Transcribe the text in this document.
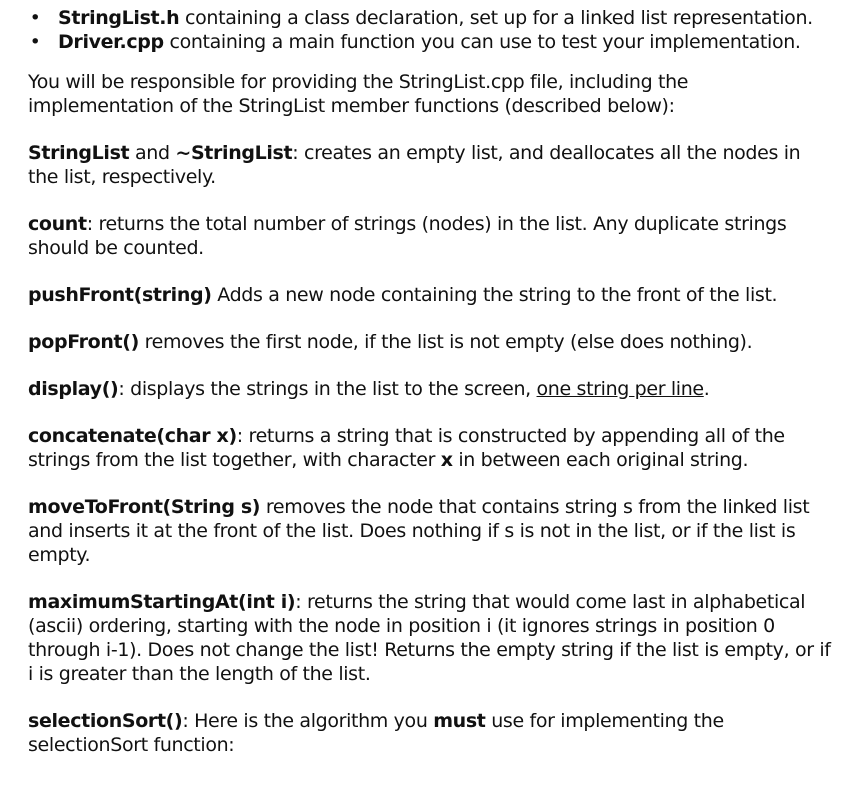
• StringList.h containing a class declaration, set up for a linked list representation.
• Driver.cpp containing a main function you can use to test your implementation.

You will be responsible for providing the StringList.cpp file, including the implementation of the StringList member functions (described below):

StringList and ~StringList: creates an empty list, and deallocates all the nodes in the list, respectively.

count: returns the total number of strings (nodes) in the list. Any duplicate strings should be counted.

pushFront(string) Adds a new node containing the string to the front of the list.

popFront() removes the first node, if the list is not empty (else does nothing).

display(): displays the strings in the list to the screen, one string per line.

concatenate(char x): returns a string that is constructed by appending all of the strings from the list together, with character x in between each original string.

moveToFront(String s) removes the node that contains string s from the linked list and inserts it at the front of the list. Does nothing if s is not in the list, or if the list is empty.

maximumStartingAt(int i): returns the string that would come last in alphabetical (ascii) ordering, starting with the node in position i (it ignores strings in position 0 through i-1). Does not change the list! Returns the empty string if the list is empty, or if i is greater than the length of the list.

selectionSort(): Here is the algorithm you must use for implementing the selectionSort function:
